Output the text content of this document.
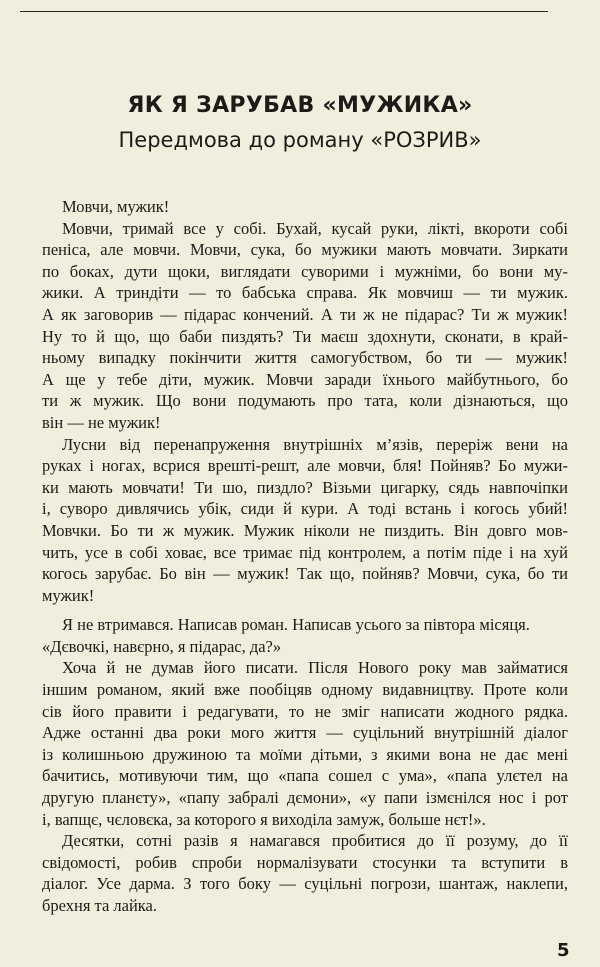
ЯК Я ЗАРУБАВ «МУЖИКА»
Передмова до роману «РОЗРИВ»

Мовчи, мужик!

Мовчи, тримай все у собі. Бухай, кусай руки, лікті, вкороти собі
пеніса, але мовчи. Мовчи, сука, бо мужики мають мовчати. Зиркати
по боках, дути щоки, виглядати суворими і мужніми, бо вони му-
жики. А триндіти — то бабська справа. Як мовчиш — ти мужик.
А як заговорив — підарас кончений. А ти ж не підарас? Ти ж мужик!
Ну то й що, що баби пиздять? Ти маєш здохнути, сконати, в край-
ньому випадку покінчити життя самогубством, бо ти — мужик!
А ще у тебе діти, мужик. Мовчи заради їхнього майбутнього, бо
ти ж мужик. Що вони подумають про тата, коли дізнаються, що
він — не мужик!

Лусни від перенапруження внутрішніх м’язів, переріж вени на
руках і ногах, всрися врешті-решт, але мовчи, бля! Пойняв? Бо мужи-
ки мають мовчати! Ти шо, пиздло? Візьми цигарку, сядь навпочіпки
і, суворо дивлячись убік, сиди й кури. А тоді встань і когось убий!
Мовчки. Бо ти ж мужик. Мужик ніколи не пиздить. Він довго мов-
чить, усе в собі ховає, все тримає під контролем, а потім піде і на хуй
когось зарубає. Бо він — мужик! Так що, пойняв? Мовчи, сука, бо ти
мужик!

Я не втримався. Написав роман. Написав усього за півтора місяця.

«Дєвочкі, навєрно, я підарас, да?»

Хоча й не думав його писати. Після Нового року мав займатися
іншим романом, який вже пообіцяв одному видавництву. Проте коли
сів його правити і редагувати, то не зміг написати жодного рядка.
Адже останні два роки мого життя — суцільний внутрішній діалог
із колишньою дружиною та моїми дітьми, з якими вона не дає мені
бачитись, мотивуючи тим, що «папа сошел с ума», «папа улєтел на
другую планєту», «папу забралі дємони», «у папи ізмєнілся нос і рот
і, вапщє, чєловєка, за которого я виходіла замуж, больше нєт!».

Десятки, сотні разів я намагався пробитися до її розуму, до її
свідомості, робив спроби нормалізувати стосунки та вступити в
діалог. Усе дарма. З того боку — суцільні погрози, шантаж, наклепи,
брехня та лайка.

5
